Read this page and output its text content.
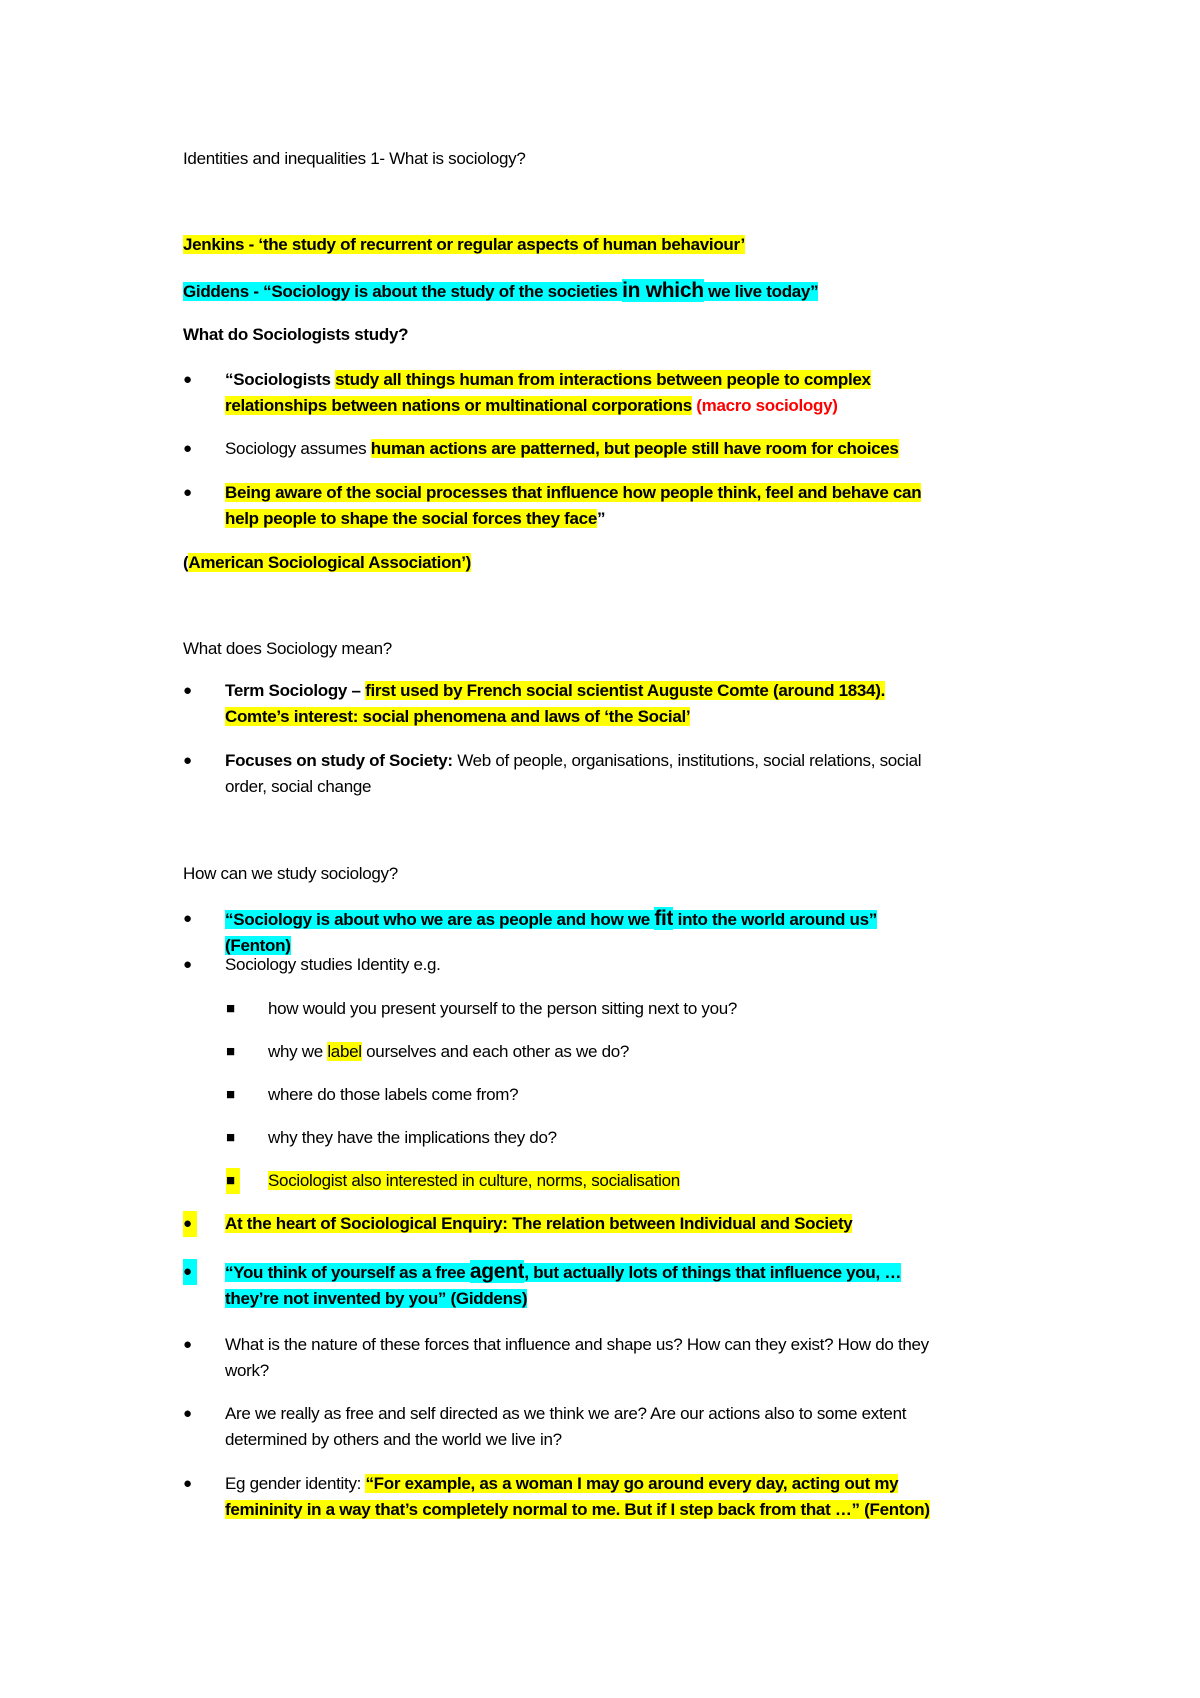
Identities and inequalities 1- What is sociology?
Jenkins - ‘the study of recurrent or regular aspects of human behaviour’
Giddens - “Sociology is about the study of the societies in which we live today”
What do Sociologists study?
●	“Sociologists study all things human from interactions between people to complex relationships between nations or multinational corporations (macro sociology)
●	Sociology assumes human actions are patterned, but people still have room for choices
●	Being aware of the social processes that influence how people think, feel and behave can help people to shape the social forces they face”
(American Sociological Association’)
What does Sociology mean?
●	Term Sociology – first used by French social scientist Auguste Comte (around 1834). Comte’s interest: social phenomena and laws of ‘the Social’
●	Focuses on study of Society: Web of people, organisations, institutions, social relations, social order, social change
How can we study sociology?
●	“Sociology is about who we are as people and how we fit into the world around us” (Fenton)
●	Sociology studies Identity e.g.
■	how would you present yourself to the person sitting next to you?
■	why we label ourselves and each other as we do?
■	where do those labels come from?
■	why they have the implications they do?
■	Sociologist also interested in culture, norms, socialisation
●	At the heart of Sociological Enquiry: The relation between Individual and Society
●	“You think of yourself as a free agent, but actually lots of things that influence you, … they’re not invented by you” (Giddens)
●	What is the nature of these forces that influence and shape us? How can they exist? How do they work?
●	Are we really as free and self directed as we think we are? Are our actions also to some extent determined by others and the world we live in?
●	Eg gender identity: “For example, as a woman I may go around every day, acting out my femininity in a way that’s completely normal to me. But if I step back from that …” (Fenton)
